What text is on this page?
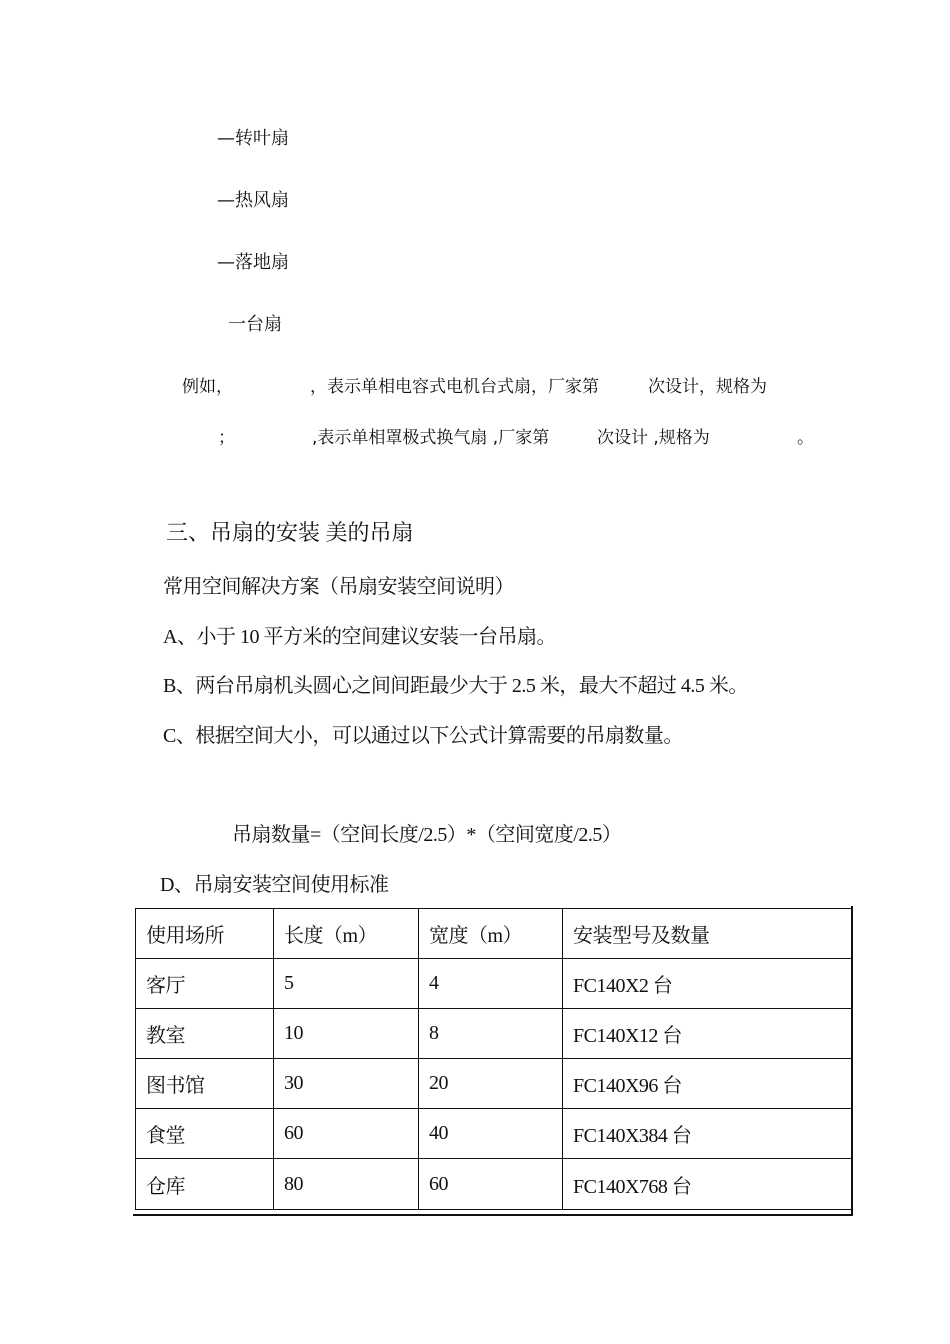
—转叶扇
—热风扇
—落地扇
一台扇
例如，	，表示单相电容式电机台式扇，厂家第	次设计，规格为
；	,表示单相罩极式换气扇 ,厂家第	次设计 ,规格为	。
三、吊扇的安装 美的吊扇
常用空间解决方案（吊扇安装空间说明）
A、小于 10 平方米的空间建议安装一台吊扇。
B、两台吊扇机头圆心之间间距最少大于 2.5 米，最大不超过 4.5 米。
C、根据空间大小，可以通过以下公式计算需要的吊扇数量。
吊扇数量=（空间长度/2.5）*（空间宽度/2.5）
D、吊扇安装空间使用标准
使用场所	长度（m）	宽度（m）	安装型号及数量
客厅	5	4	FC140X2 台
教室	10	8	FC140X12 台
图书馆	30	20	FC140X96 台
食堂	60	40	FC140X384 台
仓库	80	60	FC140X768 台
